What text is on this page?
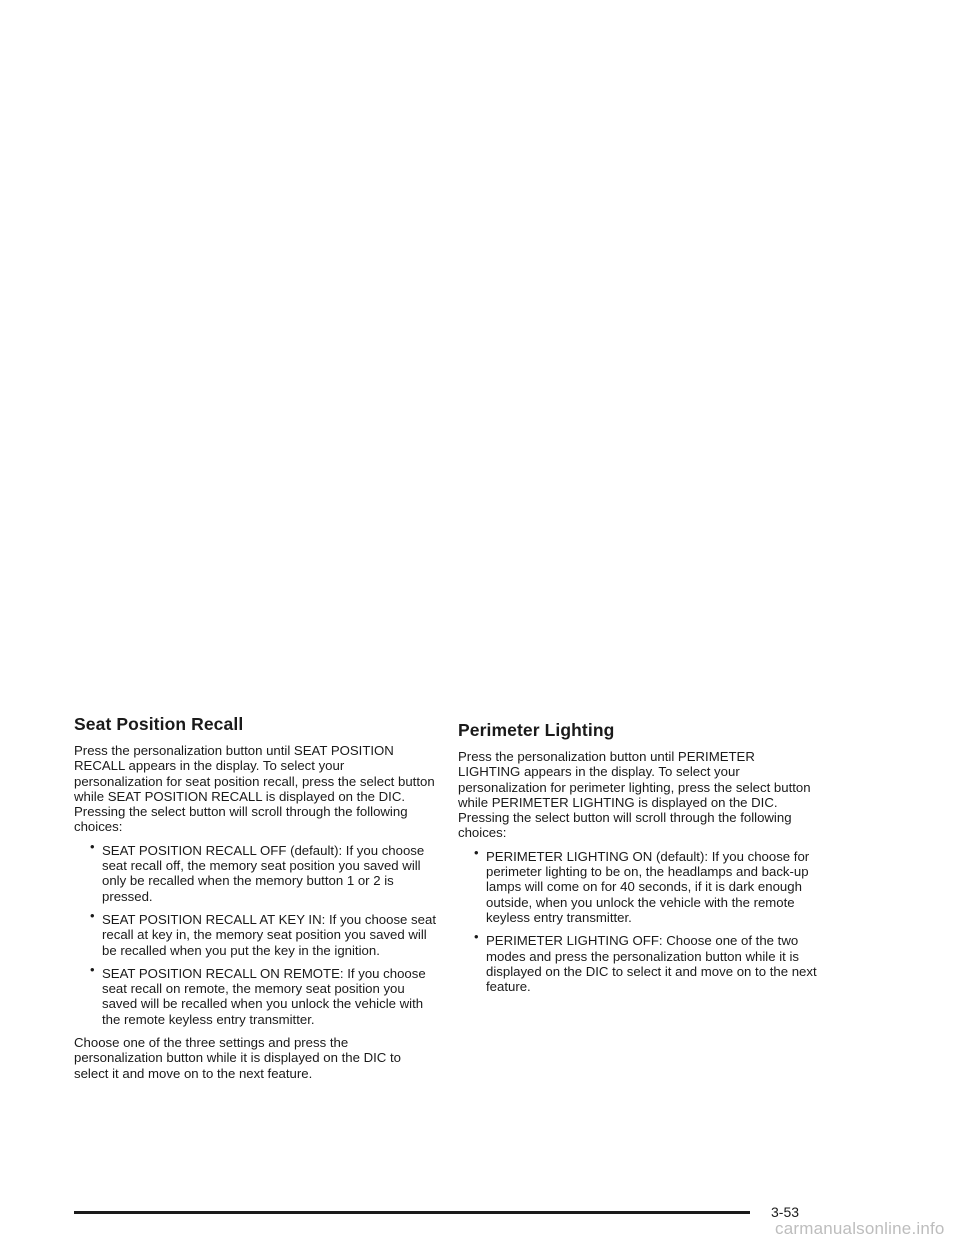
Seat Position Recall

Press the personalization button until SEAT POSITION RECALL appears in the display. To select your personalization for seat position recall, press the select button while SEAT POSITION RECALL is displayed on the DIC. Pressing the select button will scroll through the following choices:

• SEAT POSITION RECALL OFF (default): If you choose seat recall off, the memory seat position you saved will only be recalled when the memory button 1 or 2 is pressed.
• SEAT POSITION RECALL AT KEY IN: If you choose seat recall at key in, the memory seat position you saved will be recalled when you put the key in the ignition.
• SEAT POSITION RECALL ON REMOTE: If you choose seat recall on remote, the memory seat position you saved will be recalled when you unlock the vehicle with the remote keyless entry transmitter.

Choose one of the three settings and press the personalization button while it is displayed on the DIC to select it and move on to the next feature.

Perimeter Lighting

Press the personalization button until PERIMETER LIGHTING appears in the display. To select your personalization for perimeter lighting, press the select button while PERIMETER LIGHTING is displayed on the DIC. Pressing the select button will scroll through the following choices:

• PERIMETER LIGHTING ON (default): If you choose for perimeter lighting to be on, the headlamps and back-up lamps will come on for 40 seconds, if it is dark enough outside, when you unlock the vehicle with the remote keyless entry transmitter.
• PERIMETER LIGHTING OFF: Choose one of the two modes and press the personalization button while it is displayed on the DIC to select it and move on to the next feature.
3-53
carmanualsonline.info
